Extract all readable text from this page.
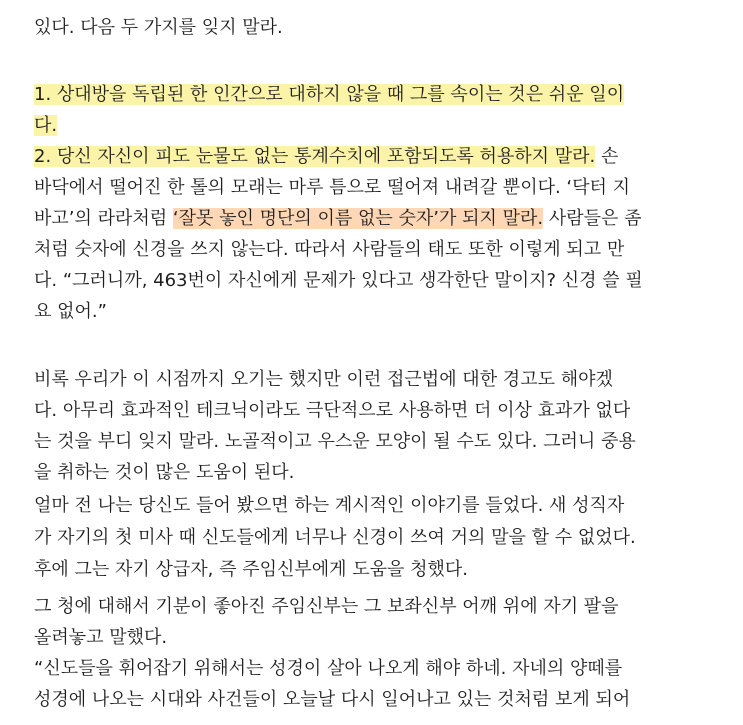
있다. 다음 두 가지를 잊지 말라.
1. 상대방을 독립된 한 인간으로 대하지 않을 때 그를 속이는 것은 쉬운 일이
다.
2. 당신 자신이 피도 눈물도 없는 통계수치에 포함되도록 허용하지 말라. 손
바닥에서 떨어진 한 톨의 모래는 마루 틈으로 떨어져 내려갈 뿐이다. ‘닥터 지
바고’의 라라처럼 ‘잘못 놓인 명단의 이름 없는 숫자’가 되지 말라. 사람들은 좀
처럼 숫자에 신경을 쓰지 않는다. 따라서 사람들의 태도 또한 이렇게 되고 만
다. “그러니까, 463번이 자신에게 문제가 있다고 생각한단 말이지? 신경 쓸 필
요 없어.”
비록 우리가 이 시점까지 오기는 했지만 이런 접근법에 대한 경고도 해야겠
다. 아무리 효과적인 테크닉이라도 극단적으로 사용하면 더 이상 효과가 없다
는 것을 부디 잊지 말라. 노골적이고 우스운 모양이 될 수도 있다. 그러니 중용
을 취하는 것이 많은 도움이 된다.
얼마 전 나는 당신도 들어 봤으면 하는 계시적인 이야기를 들었다. 새 성직자
가 자기의 첫 미사 때 신도들에게 너무나 신경이 쓰여 거의 말을 할 수 없었다.
후에 그는 자기 상급자, 즉 주임신부에게 도움을 청했다.
그 청에 대해서 기분이 좋아진 주임신부는 그 보좌신부 어깨 위에 자기 팔을
올려놓고 말했다.
“신도들을 휘어잡기 위해서는 성경이 살아 나오게 해야 하네. 자네의 양떼를
성경에 나오는 시대와 사건들이 오늘날 다시 일어나고 있는 것처럼 보게 되어
